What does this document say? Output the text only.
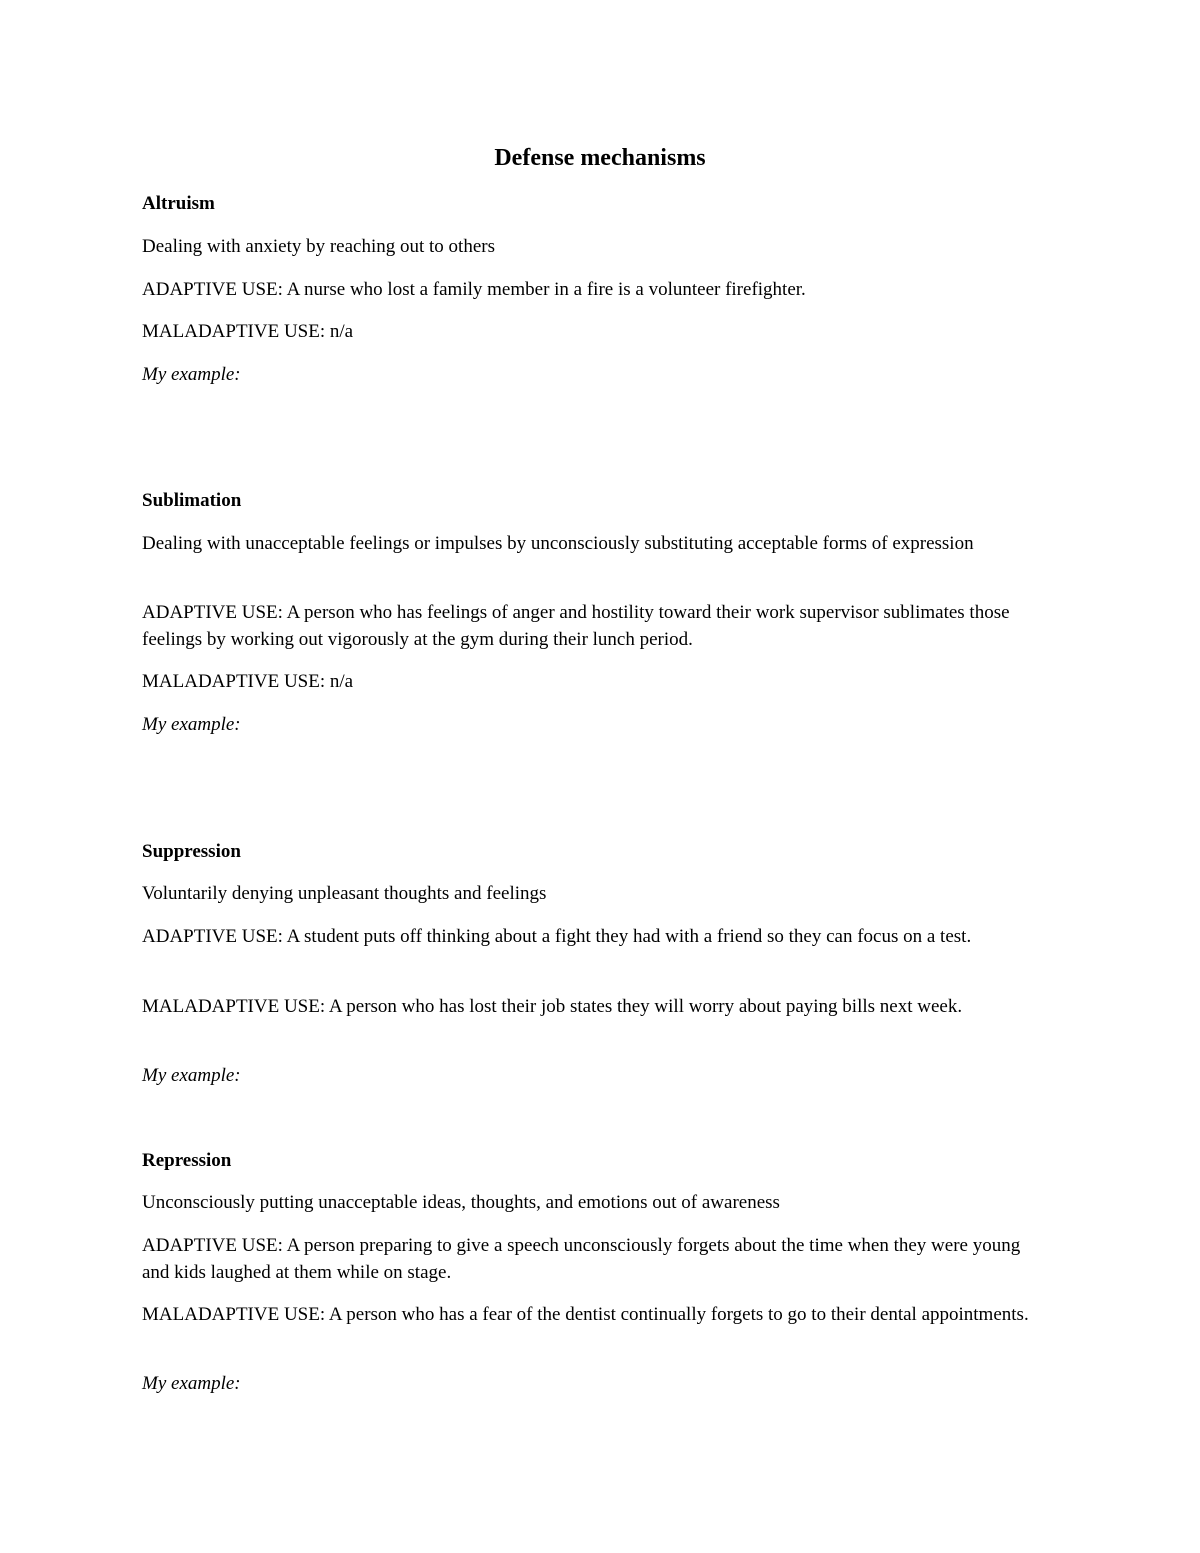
Defense mechanisms

Altruism

Dealing with anxiety by reaching out to others

ADAPTIVE USE: A nurse who lost a family member in a fire is a volunteer firefighter.

MALADAPTIVE USE: n/a

My example:

Sublimation

Dealing with unacceptable feelings or impulses by unconsciously substituting acceptable forms of expression

ADAPTIVE USE: A person who has feelings of anger and hostility toward their work supervisor sublimates those feelings by working out vigorously at the gym during their lunch period.

MALADAPTIVE USE: n/a

My example:

Suppression

Voluntarily denying unpleasant thoughts and feelings

ADAPTIVE USE: A student puts off thinking about a fight they had with a friend so they can focus on a test.

MALADAPTIVE USE: A person who has lost their job states they will worry about paying bills next week.

My example:

Repression

Unconsciously putting unacceptable ideas, thoughts, and emotions out of awareness

ADAPTIVE USE: A person preparing to give a speech unconsciously forgets about the time when they were young and kids laughed at them while on stage.

MALADAPTIVE USE: A person who has a fear of the dentist continually forgets to go to their dental appointments.

My example:
